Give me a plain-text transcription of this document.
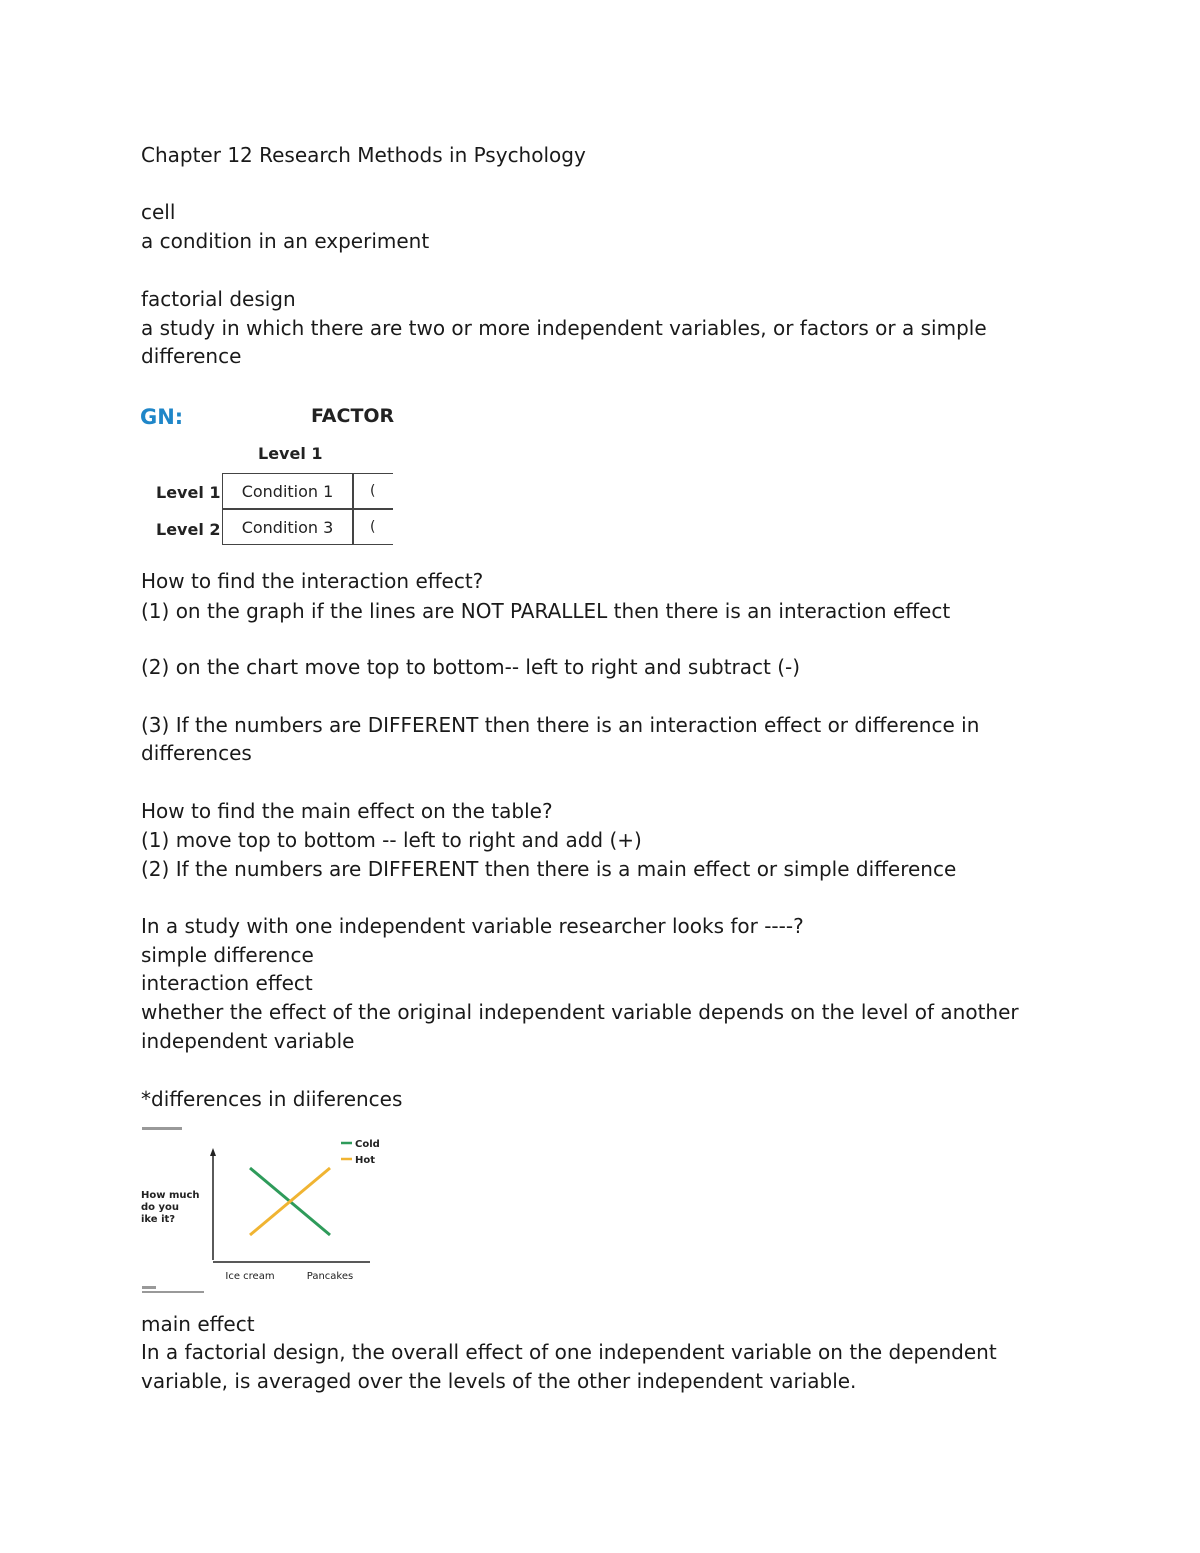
Chapter 12 Research Methods in Psychology
cell
a condition in an experiment
factorial design
a study in which there are two or more independent variables, or factors or a simple
difference
GN:	FACTOR
Level 1
Level 1
Level 2
Condition 1
Condition 3
(
(
How to find the interaction effect?
(1) on the graph if the lines are NOT PARALLEL then there is an interaction effect
(2) on the chart move top to bottom-- left to right and subtract (-)
(3) If the numbers are DIFFERENT then there is an interaction effect or difference in
differences
How to find the main effect on the table?
(1) move top to bottom -- left to right and add (+)
(2) If the numbers are DIFFERENT then there is a main effect or simple difference
In a study with one independent variable researcher looks for ----?
simple difference
interaction effect
whether the effect of the original independent variable depends on the level of another
independent variable
*differences in diiferences
How much
do you
ike it?
Ice cream	Pancakes
Cold
Hot
main effect
In a factorial design, the overall effect of one independent variable on the dependent
variable, is averaged over the levels of the other independent variable.
